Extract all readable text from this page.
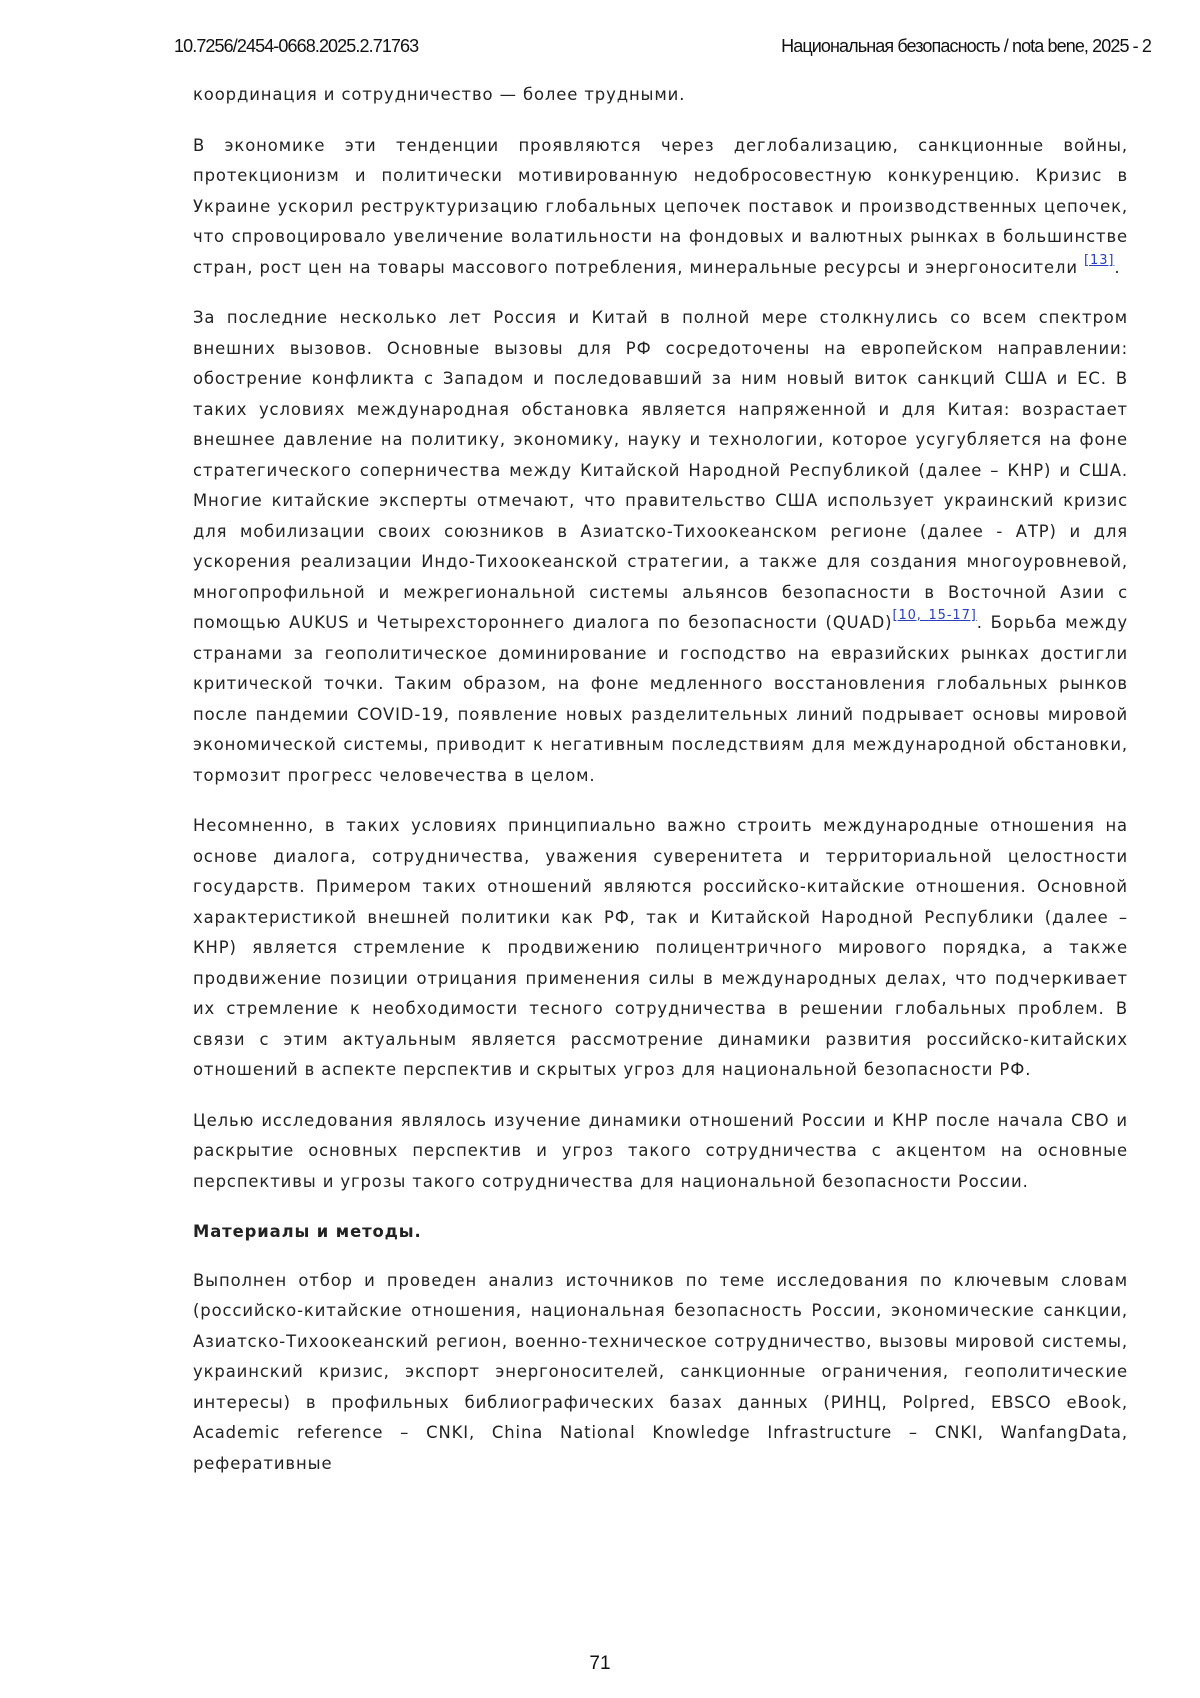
10.7256/2454-0668.2025.2.71763	Национальная безопасность / nota bene, 2025 - 2

координация и сотрудничество — более трудными.

В экономике эти тенденции проявляются через деглобализацию, санкционные войны, протекционизм и политически мотивированную недобросовестную конкуренцию. Кризис в Украине ускорил реструктуризацию глобальных цепочек поставок и производственных цепочек, что спровоцировало увеличение волатильности на фондовых и валютных рынках в большинстве стран, рост цен на товары массового потребления, минеральные ресурсы и энергоносители [13].

За последние несколько лет Россия и Китай в полной мере столкнулись со всем спектром внешних вызовов. Основные вызовы для РФ сосредоточены на европейском направлении: обострение конфликта с Западом и последовавший за ним новый виток санкций США и ЕС. В таких условиях международная обстановка является напряженной и для Китая: возрастает внешнее давление на политику, экономику, науку и технологии, которое усугубляется на фоне стратегического соперничества между Китайской Народной Республикой (далее – КНР) и США. Многие китайские эксперты отмечают, что правительство США использует украинский кризис для мобилизации своих союзников в Азиатско-Тихоокеанском регионе (далее - АТР) и для ускорения реализации Индо-Тихоокеанской стратегии, а также для создания многоуровневой, многопрофильной и межрегиональной системы альянсов безопасности в Восточной Азии с помощью AUKUS и Четырехстороннего диалога по безопасности (QUAD)[10, 15-17]. Борьба между странами за геополитическое доминирование и господство на евразийских рынках достигли критической точки. Таким образом, на фоне медленного восстановления глобальных рынков после пандемии COVID-19, появление новых разделительных линий подрывает основы мировой экономической системы, приводит к негативным последствиям для международной обстановки, тормозит прогресс человечества в целом.

Несомненно, в таких условиях принципиально важно строить международные отношения на основе диалога, сотрудничества, уважения суверенитета и территориальной целостности государств. Примером таких отношений являются российско-китайские отношения. Основной характеристикой внешней политики как РФ, так и Китайской Народной Республики (далее – КНР) является стремление к продвижению полицентричного мирового порядка, а также продвижение позиции отрицания применения силы в международных делах, что подчеркивает их стремление к необходимости тесного сотрудничества в решении глобальных проблем. В связи с этим актуальным является рассмотрение динамики развития российско-китайских отношений в аспекте перспектив и скрытых угроз для национальной безопасности РФ.

Целью исследования являлось изучение динамики отношений России и КНР после начала СВО и раскрытие основных перспектив и угроз такого сотрудничества с акцентом на основные перспективы и угрозы такого сотрудничества для национальной безопасности России.

Материалы и методы.

Выполнен отбор и проведен анализ источников по теме исследования по ключевым словам (российско-китайские отношения, национальная безопасность России, экономические санкции, Азиатско-Тихоокеанский регион, военно-техническое сотрудничество, вызовы мировой системы, украинский кризис, экспорт энергоносителей, санкционные ограничения, геополитические интересы) в профильных библиографических базах данных (РИНЦ, Polpred, EBSCO eBook, Academic reference – CNKI, China National Knowledge Infrastructure – CNKI, WanfangData, реферативные

71
